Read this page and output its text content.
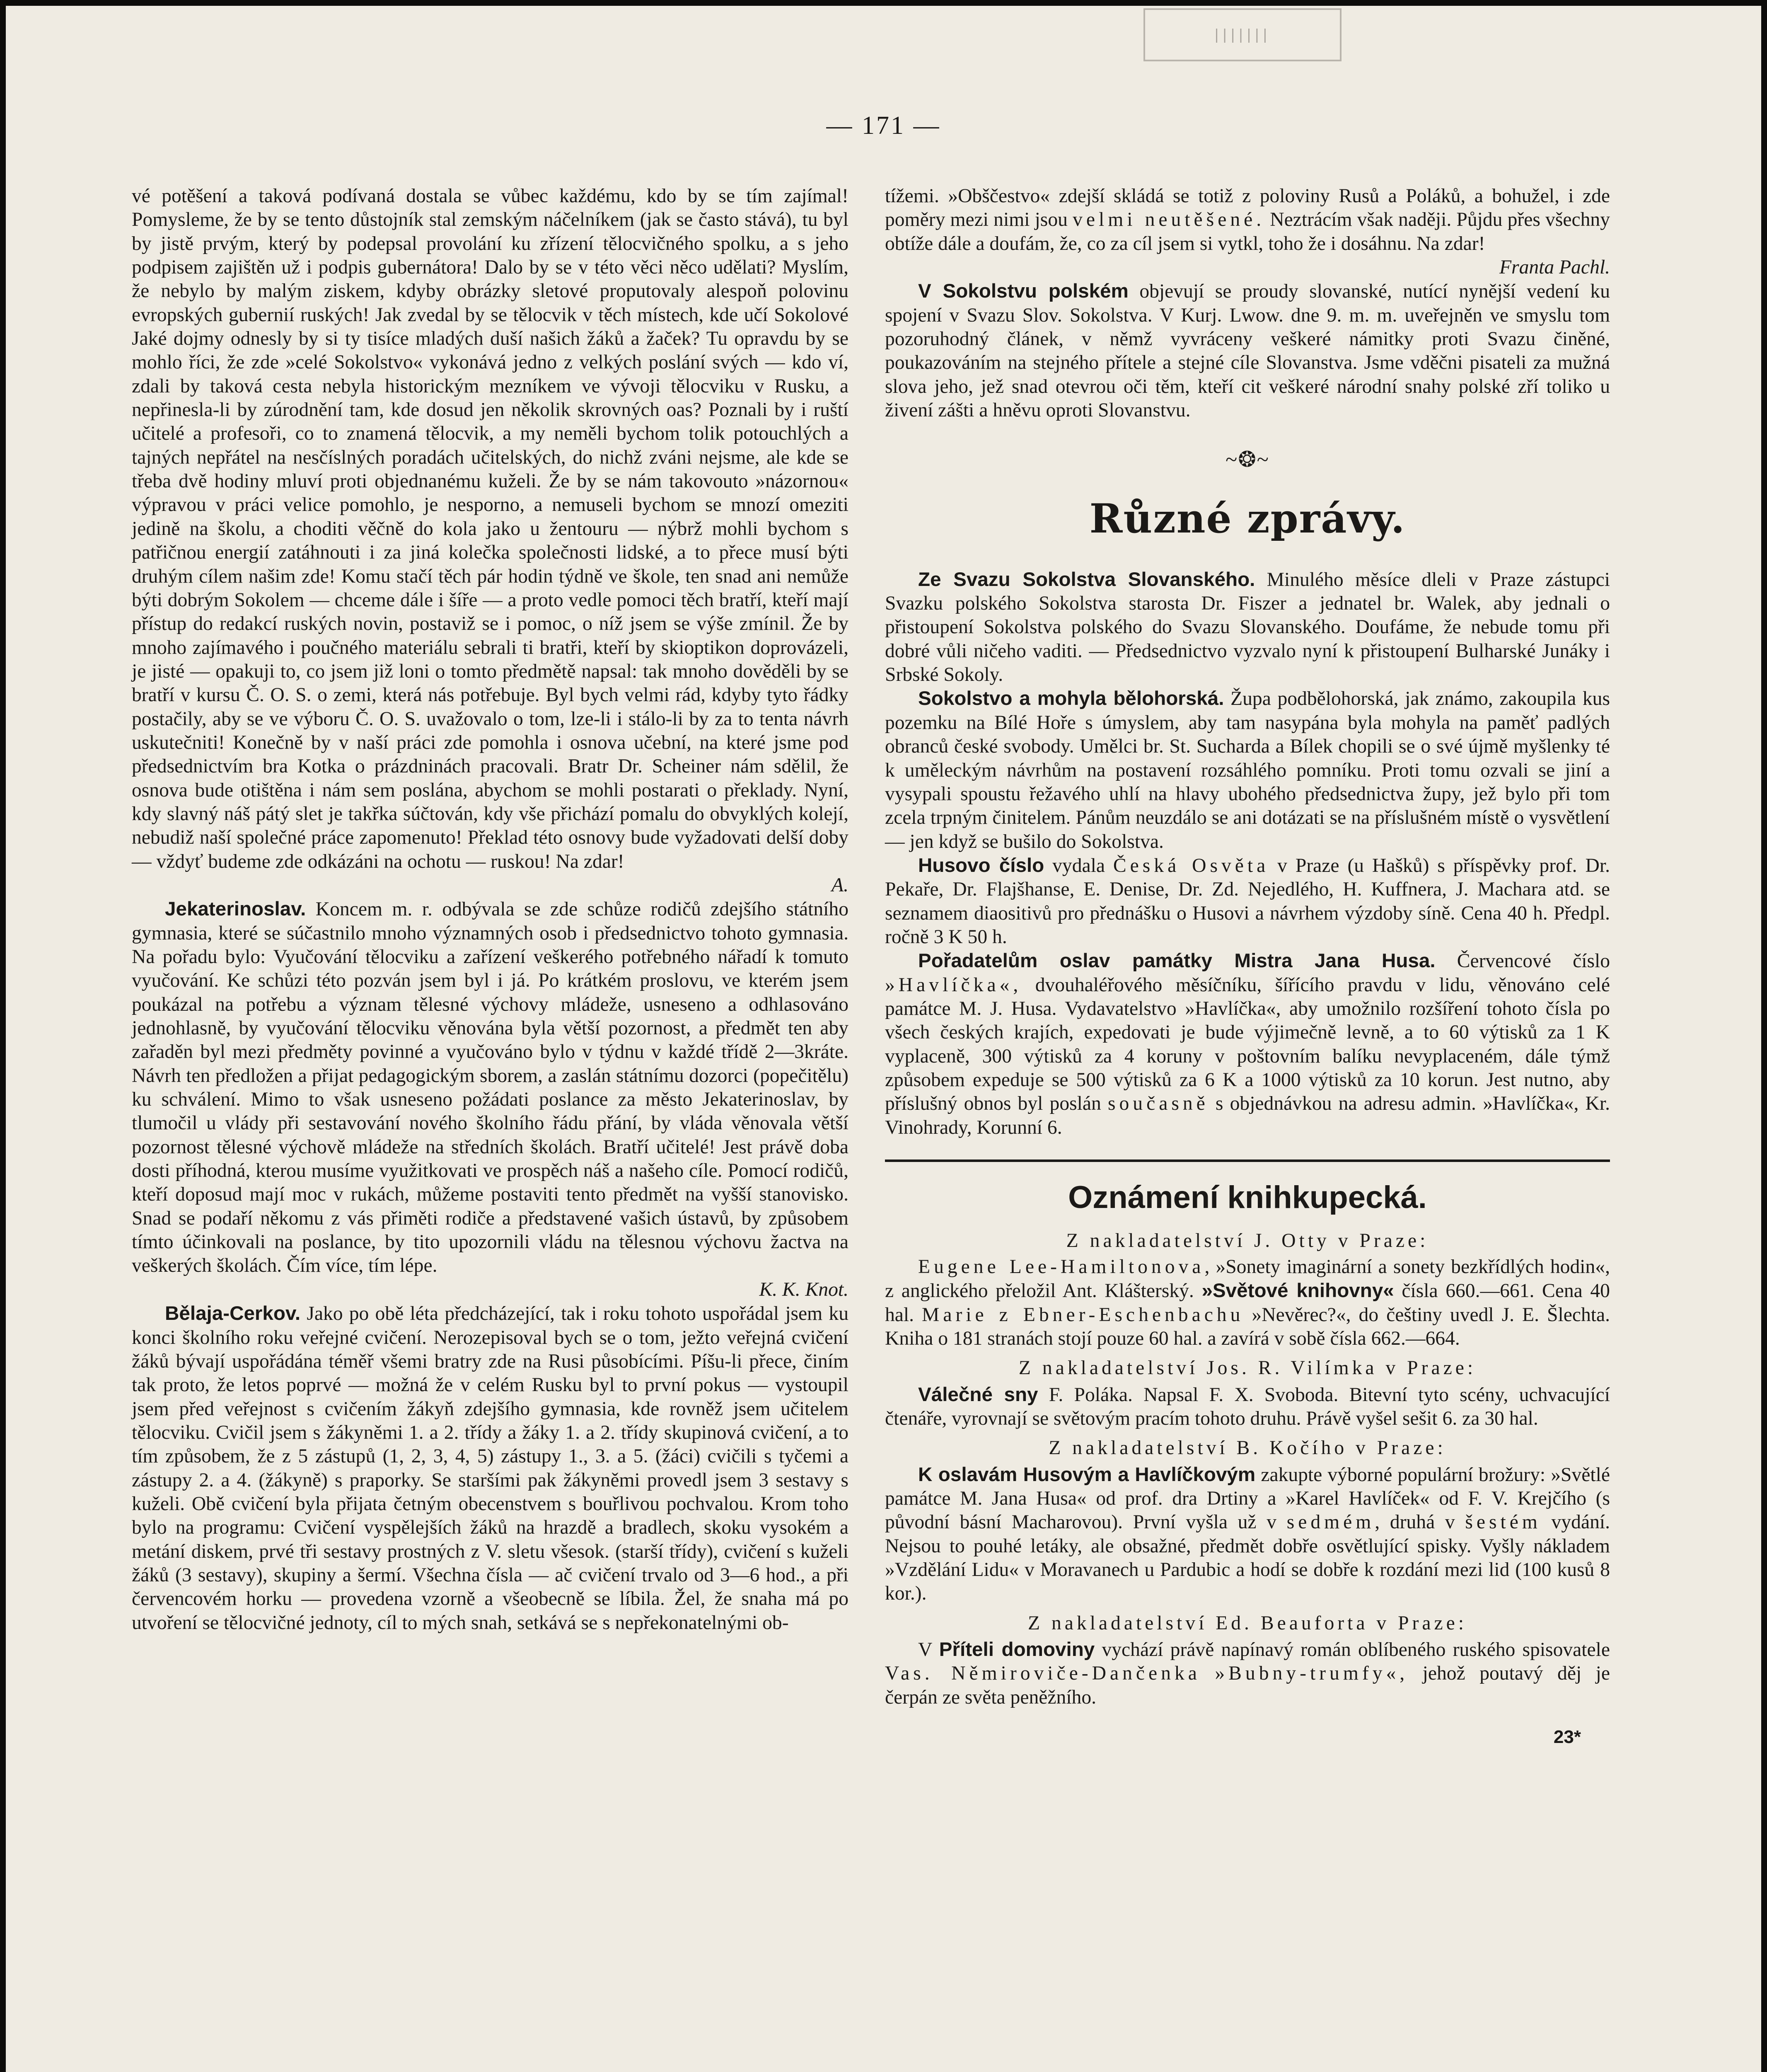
|||||||
— 171 —

vé potěšení a taková podívaná dostala se vůbec každému, kdo by se tím zajímal! Pomysleme, že by se tento důstojník stal zemským náčelníkem (jak se často stává), tu byl by jistě prvým, který by podepsal provolání ku zřízení tělocvičného spolku, a s jeho podpisem zajištěn už i podpis gubernátora! Dalo by se v této věci něco udělati? Myslím, že nebylo by malým ziskem, kdyby obrázky sletové proputovaly alespoň polovinu evropských gubernií ruských! Jak zvedal by se tělocvik v těch místech, kde učí Sokolové Jaké dojmy odnesly by si ty tisíce mladých duší našich žáků a žaček? Tu opravdu by se mohlo říci, že zde »celé Sokolstvo« vykonává jedno z velkých poslání svých — kdo ví, zdali by taková cesta nebyla historickým mezníkem ve vývoji tělocviku v Rusku, a nepřinesla-li by zúrodnění tam, kde dosud jen několik skrovných oas? Poznali by i ruští učitelé a profesoři, co to znamená tělocvik, a my neměli bychom tolik potouchlých a tajných nepřátel na nesčíslných poradách učitelských, do nichž zváni nejsme, ale kde se třeba dvě hodiny mluví proti objednanému kuželi. Že by se nám takovouto »názornou« výpravou v práci velice pomohlo, je nesporno, a nemuseli bychom se mnozí omeziti jedině na školu, a choditi věčně do kola jako u žentouru — nýbrž mohli bychom s patřičnou energií zatáhnouti i za jiná kolečka společnosti lidské, a to přece musí býti druhým cílem našim zde! Komu stačí těch pár hodin týdně ve škole, ten snad ani nemůže býti dobrým Sokolem — chceme dále i šíře — a proto vedle pomoci těch bratří, kteří mají přístup do redakcí ruských novin, postaviž se i pomoc, o níž jsem se výše zmínil. Že by mnoho zajímavého i poučného materiálu sebrali ti bratři, kteří by skioptikon doprovázeli, je jisté — opakuji to, co jsem již loni o tomto předmětě napsal: tak mnoho dověděli by se bratří v kursu Č. O. S. o zemi, která nás potřebuje. Byl bych velmi rád, kdyby tyto řádky postačily, aby se ve výboru Č. O. S. uvažovalo o tom, lze-li i stálo-li by za to tenta návrh uskutečniti! Konečně by v naší práci zde pomohla i osnova učební, na které jsme pod předsednictvím bra Kotka o prázdninách pracovali. Bratr Dr. Scheiner nám sdělil, že osnova bude otištěna i nám sem poslána, abychom se mohli postarati o překlady. Nyní, kdy slavný náš pátý slet je takřka súčtován, kdy vše přichází pomalu do obvyklých kolejí, nebudiž naší společné práce zapomenuto! Překlad této osnovy bude vyžadovati delší doby — vždyť budeme zde odkázáni na ochotu — ruskou! Na zdar!

A.

Jekaterinoslav. Koncem m. r. odbývala se zde schůze rodičů zdejšího státního gymnasia, které se súčastnilo mnoho významných osob i předsednictvo tohoto gymnasia. Na pořadu bylo: Vyučování tělocviku a zařízení veškerého potřebného nářadí k tomuto vyučování. Ke schůzi této pozván jsem byl i já. Po krátkém proslovu, ve kterém jsem poukázal na potřebu a význam tělesné výchovy mládeže, usneseno a odhlasováno jednohlasně, by vyučování tělocviku věnována byla větší pozornost, a předmět ten aby zařaděn byl mezi předměty povinné a vyučováno bylo v týdnu v každé třídě 2—3kráte. Návrh ten předložen a přijat pedagogickým sborem, a zaslán státnímu dozorci (popečitělu) ku schválení. Mimo to však usneseno požádati poslance za město Jekaterinoslav, by tlumočil u vlády při sestavování nového školního řádu přání, by vláda věnovala větší pozornost tělesné výchově mládeže na středních školách. Bratří učitelé! Jest právě doba dosti příhodná, kterou musíme využitkovati ve prospěch náš a našeho cíle. Pomocí rodičů, kteří doposud mají moc v rukách, můžeme postaviti tento předmět na vyšší stanovisko. Snad se podaří někomu z vás přiměti rodiče a představené vašich ústavů, by způsobem tímto účinkovali na poslance, by tito upozornili vládu na tělesnou výchovu žactva na veškerých školách. Čím více, tím lépe.

K. K. Knot.

Bělaja-Cerkov. Jako po obě léta předcházející, tak i roku tohoto uspořádal jsem ku konci školního roku veřejné cvičení. Nerozepisoval bych se o tom, ježto veřejná cvičení žáků bývají uspořádána téměř všemi bratry zde na Rusi působícími. Píšu-li přece, činím tak proto, že letos poprvé — možná že v celém Rusku byl to první pokus — vystoupil jsem před veřejnost s cvičením žákyň zdejšího gymnasia, kde rovněž jsem učitelem tělocviku. Cvičil jsem s žákyněmi 1. a 2. třídy a žáky 1. a 2. třídy skupinová cvičení, a to tím způsobem, že z 5 zástupů (1, 2, 3, 4, 5) zástupy 1., 3. a 5. (žáci) cvičili s tyčemi a zástupy 2. a 4. (žákyně) s praporky. Se staršími pak žákyněmi provedl jsem 3 sestavy s kuželi. Obě cvičení byla přijata četným obecenstvem s bouřlivou pochvalou. Krom toho bylo na programu: Cvičení vyspělejších žáků na hrazdě a bradlech, skoku vysokém a metání diskem, prvé tři sestavy prostných z V. sletu všesok. (starší třídy), cvičení s kuželi žáků (3 sestavy), skupiny a šermí. Všechna čísla — ač cvičení trvalo od 3—6 hod., a při červencovém horku — provedena vzorně a všeobecně se líbila. Žel, že snaha má po utvoření se tělocvičné jednoty, cíl to mých snah, setkává se s nepřekonatelnými ob-

tížemi. »Obščestvo« zdejší skládá se totiž z poloviny Rusů a Poláků, a bohužel, i zde poměry mezi nimi jsou velmi neutěšené. Neztrácím však naději. Půjdu přes všechny obtíže dále a doufám, že, co za cíl jsem si vytkl, toho že i dosáhnu. Na zdar!

Franta Pachl.

V Sokolstvu polském objevují se proudy slovanské, nutící nynější vedení ku spojení v Svazu Slov. Sokolstva. V Kurj. Lwow. dne 9. m. m. uveřejněn ve smyslu tom pozoruhodný článek, v němž vyvráceny veškeré námitky proti Svazu činěné, poukazováním na stejného přítele a stejné cíle Slovanstva. Jsme vděčni pisateli za mužná slova jeho, jež snad otevrou oči těm, kteří cit veškeré národní snahy polské zří toliko u živení zášti a hněvu oproti Slovanstvu.

~❂~
Různé zprávy.

Ze Svazu Sokolstva Slovanského. Minulého měsíce dleli v Praze zástupci Svazku polského Sokolstva starosta Dr. Fiszer a jednatel br. Walek, aby jednali o přistoupení Sokolstva polského do Svazu Slovanského. Doufáme, že nebude tomu při dobré vůli ničeho vaditi. — Předsednictvo vyzvalo nyní k přistoupení Bulharské Junáky i Srbské Sokoly.

Sokolstvo a mohyla bělohorská. Župa podbělohorská, jak známo, zakoupila kus pozemku na Bílé Hoře s úmyslem, aby tam nasypána byla mohyla na paměť padlých obranců české svobody. Umělci br. St. Sucharda a Bílek chopili se o své újmě myšlenky té k uměleckým návrhům na postavení rozsáhlého pomníku. Proti tomu ozvali se jiní a vysypali spoustu řežavého uhlí na hlavy ubohého předsednictva župy, jež bylo při tom zcela trpným činitelem. Pánům neuzdálo se ani dotázati se na příslušném místě o vysvětlení — jen když se bušilo do Sokolstva.

Husovo číslo vydala Česká Osvěta v Praze (u Hašků) s příspěvky prof. Dr. Pekaře, Dr. Flajšhanse, E. Denise, Dr. Zd. Nejedlého, H. Kuffnera, J. Machara atd. se seznamem diaositivů pro přednášku o Husovi a návrhem výzdoby síně. Cena 40 h. Předpl. ročně 3 K 50 h.

Pořadatelům oslav památky Mistra Jana Husa. Červencové číslo »Havlíčka«, dvouhaléřového měsíčníku, šířícího pravdu v lidu, věnováno celé památce M. J. Husa. Vydavatelstvo »Havlíčka«, aby umožnilo rozšíření tohoto čísla po všech českých krajích, expedovati je bude výjimečně levně, a to 60 výtisků za 1 K vyplaceně, 300 výtisků za 4 koruny v poštovním balíku nevyplaceném, dále týmž způsobem expeduje se 500 výtisků za 6 K a 1000 výtisků za 10 korun. Jest nutno, aby příslušný obnos byl poslán současně s objednávkou na adresu admin. »Havlíčka«, Kr. Vinohrady, Korunní 6.

Oznámení knihkupecká.

Z nakladatelství J. Otty v Praze:

Eugene Lee-Hamiltonova, »Sonety imaginární a sonety bezkřídlých hodin«, z anglického přeložil Ant. Klášterský. »Světové knihovny« čísla 660.—661. Cena 40 hal. Marie z Ebner-Eschenbachu »Nevěrec?«, do češtiny uvedl J. E. Šlechta. Kniha o 181 stranách stojí pouze 60 hal. a zavírá v sobě čísla 662.—664.

Z nakladatelství Jos. R. Vilímka v Praze:

Válečné sny F. Poláka. Napsal F. X. Svoboda. Bitevní tyto scény, uchvacující čtenáře, vyrovnají se světovým pracím tohoto druhu. Právě vyšel sešit 6. za 30 hal.

Z nakladatelství B. Kočího v Praze:

K oslavám Husovým a Havlíčkovým zakupte výborné populární brožury: »Světlé památce M. Jana Husa« od prof. dra Drtiny a »Karel Havlíček« od F. V. Krejčího (s původní básní Macharovou). První vyšla už v sedmém, druhá v šestém vydání. Nejsou to pouhé letáky, ale obsažné, předmět dobře osvětlující spisky. Vyšly nákladem »Vzdělání Lidu« v Moravanech u Pardubic a hodí se dobře k rozdání mezi lid (100 kusů 8 kor.).

Z nakladatelství Ed. Beauforta v Praze:

V Příteli domoviny vychází právě napínavý román oblíbeného ruského spisovatele Vas. Němiroviče-Dančenka »Bubny-trumfy«, jehož poutavý děj je čerpán ze světa peněžního.

23*
